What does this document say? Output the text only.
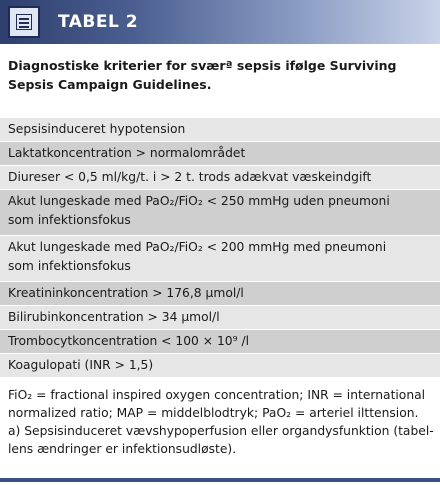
TABEL 2
Diagnostiske kriterier for sværª sepsis ifølge Surviving Sepsis Campaign Guidelines.
Sepsisinduceret hypotension
Laktatkoncentration > normalområdet
Diureser < 0,5 ml/kg/t. i > 2 t. trods adækvat væskeindgift
Akut lungeskade med PaO₂/FiO₂ < 250 mmHg uden pneumoni
som infektionsfokus
Akut lungeskade med PaO₂/FiO₂ < 200 mmHg med pneumoni
som infektionsfokus
Kreatininkoncentration > 176,8 μmol/l
Bilirubinkoncentration > 34 μmol/l
Trombocytkoncentration < 100 × 10⁹ /l
Koagulopati (INR > 1,5)
FiO₂ = fractional inspired oxygen concentration; INR = international
normalized ratio; MAP = middelblodtryk; PaO₂ = arteriel ilttension.
a) Sepsisinduceret vævshypoperfusion eller organdysfunktion (tabel-
lens ændringer er infektionsudløste).
